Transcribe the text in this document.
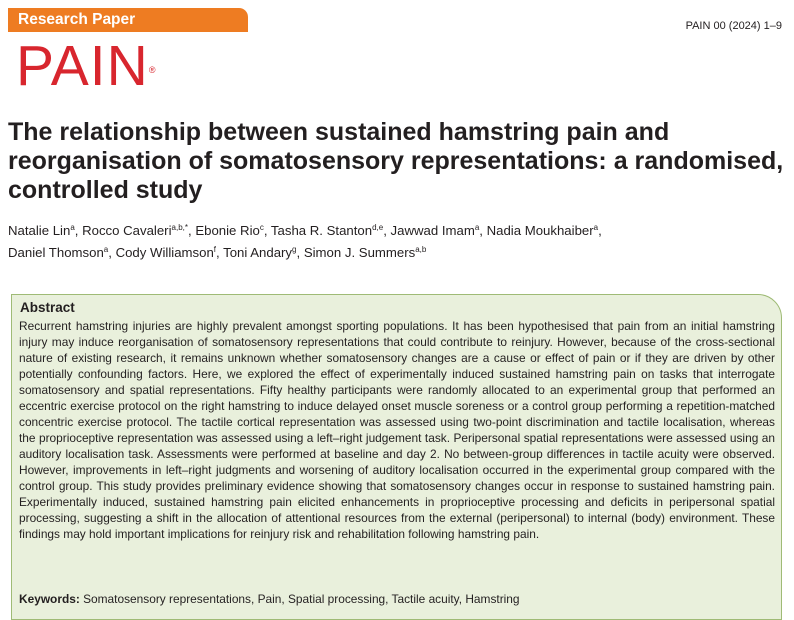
Research Paper	PAIN 00 (2024) 1–9
PAIN®
The relationship between sustained hamstring pain and reorganisation of somatosensory representations: a randomised, controlled study
Natalie Lin$^a$, Rocco Cavaleri$^{a,b,*}$, Ebonie Rio$^c$, Tasha R. Stanton$^{d,e}$, Jawwad Imam$^a$, Nadia Moukhaiber$^a$,
Daniel Thomson$^a$, Cody Williamson$^f$, Toni Andary$^g$, Simon J. Summers$^{a,b}$
Abstract
Recurrent hamstring injuries are highly prevalent amongst sporting populations. It has been hypothesised that pain from an initial hamstring injury may induce reorganisation of somatosensory representations that could contribute to reinjury. However, because of the cross-sectional nature of existing research, it remains unknown whether somatosensory changes are a cause or effect of pain or if they are driven by other potentially confounding factors. Here, we explored the effect of experimentally induced sustained hamstring pain on tasks that interrogate somatosensory and spatial representations. Fifty healthy participants were randomly allocated to an experimental group that performed an eccentric exercise protocol on the right hamstring to induce delayed onset muscle soreness or a control group performing a repetition-matched concentric exercise protocol. The tactile cortical representation was assessed using two-point discrimination and tactile localisation, whereas the proprioceptive representation was assessed using a left–right judgement task. Peripersonal spatial representations were assessed using an auditory localisation task. Assessments were performed at baseline and day 2. No between-group differences in tactile acuity were observed. However, improvements in left–right judgments and worsening of auditory localisation occurred in the experimental group compared with the control group. This study provides preliminary evidence showing that somatosensory changes occur in response to sustained hamstring pain. Experimentally induced, sustained hamstring pain elicited enhancements in proprioceptive processing and deficits in peripersonal spatial processing, suggesting a shift in the allocation of attentional resources from the external (peripersonal) to internal (body) environment. These findings may hold important implications for reinjury risk and rehabilitation following hamstring pain.
Keywords: Somatosensory representations, Pain, Spatial processing, Tactile acuity, Hamstring
